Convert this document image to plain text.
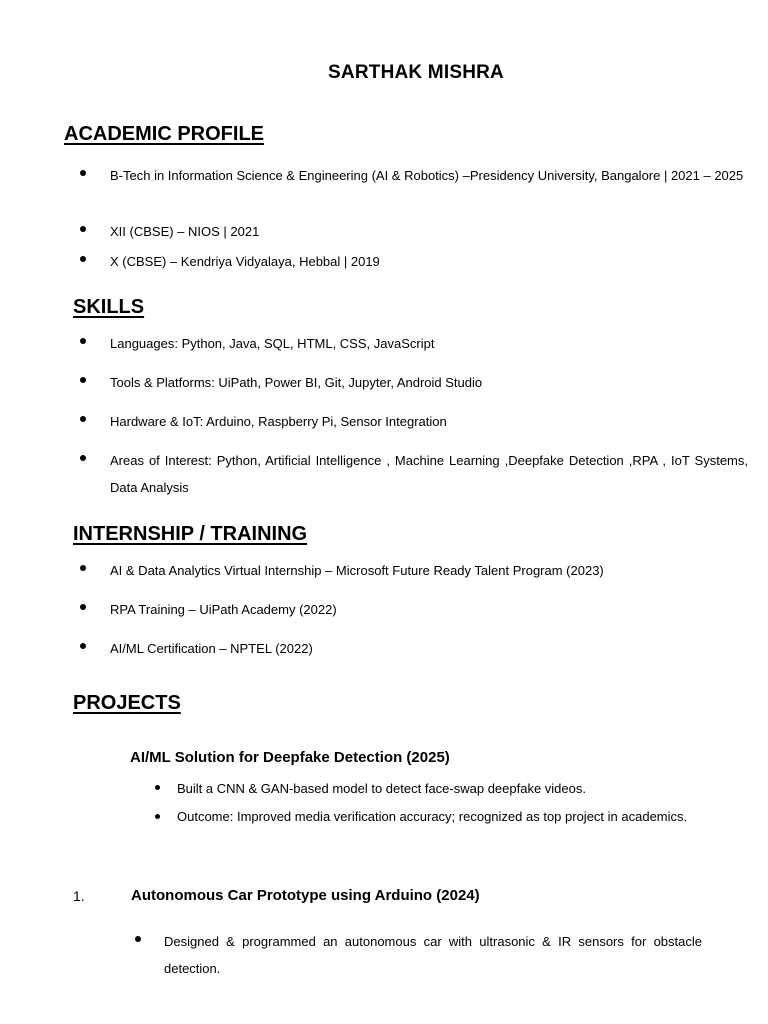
SARTHAK MISHRA
ACADEMIC PROFILE
B-Tech in Information Science & Engineering (AI & Robotics) –Presidency University, Bangalore | 2021 – 2025
XII (CBSE) – NIOS | 2021
X (CBSE) – Kendriya Vidyalaya, Hebbal | 2019
SKILLS
Languages: Python, Java, SQL, HTML, CSS, JavaScript
Tools & Platforms: UiPath, Power BI, Git, Jupyter, Android Studio
Hardware & IoT: Arduino, Raspberry Pi, Sensor Integration
Areas of Interest: Python, Artificial Intelligence , Machine Learning ,Deepfake Detection ,RPA , IoT Systems, Data Analysis
INTERNSHIP / TRAINING
AI & Data Analytics Virtual Internship – Microsoft Future Ready Talent Program (2023)
RPA Training – UiPath Academy (2022)
AI/ML Certification – NPTEL (2022)
PROJECTS
AI/ML Solution for Deepfake Detection (2025)
Built a CNN & GAN-based model to detect face-swap deepfake videos.
Outcome: Improved media verification accuracy; recognized as top project in academics.
1.	Autonomous Car Prototype using Arduino (2024)
Designed & programmed an autonomous car with ultrasonic & IR sensors for obstacle detection.
